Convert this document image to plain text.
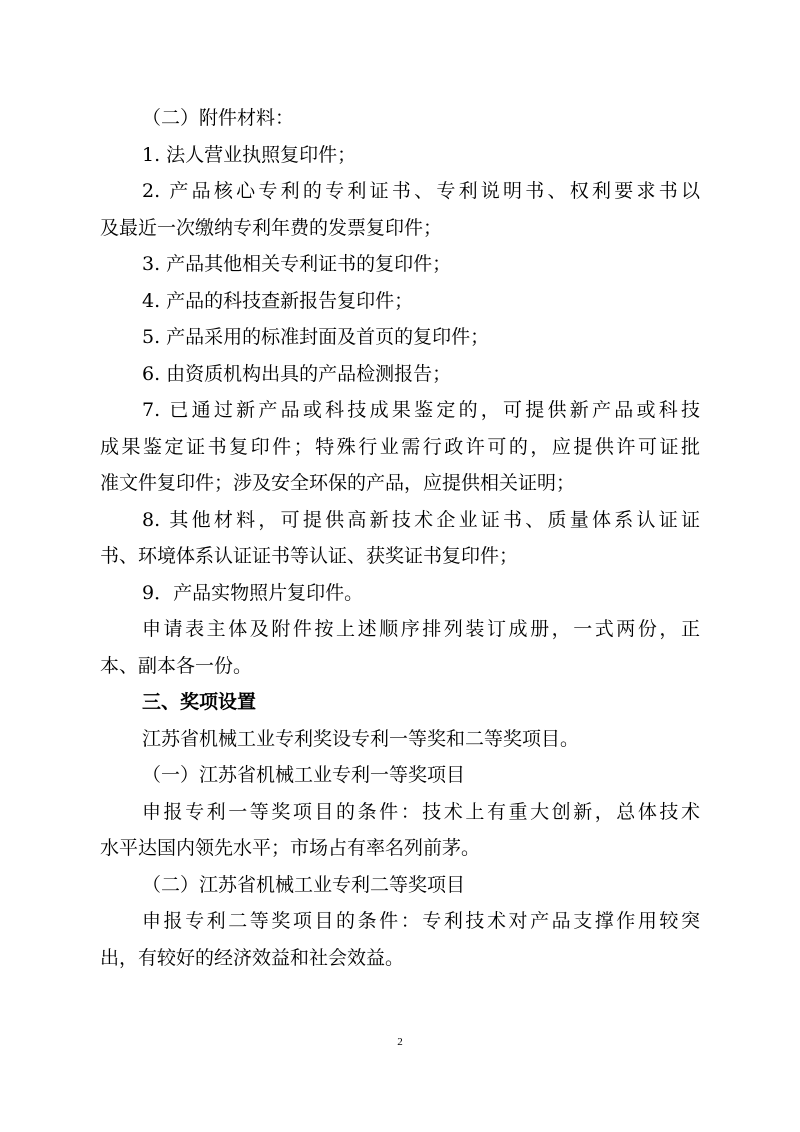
（二）附件材料：
1. 法人营业执照复印件；
2. 产品核心专利的专利证书、专利说明书、权利要求书以
及最近一次缴纳专利年费的发票复印件；
3. 产品其他相关专利证书的复印件；
4. 产品的科技查新报告复印件；
5. 产品采用的标准封面及首页的复印件；
6. 由资质机构出具的产品检测报告；
7. 已通过新产品或科技成果鉴定的，可提供新产品或科技
成果鉴定证书复印件；特殊行业需行政许可的，应提供许可证批
准文件复印件；涉及安全环保的产品，应提供相关证明；
8. 其他材料，可提供高新技术企业证书、质量体系认证证
书、环境体系认证证书等认证、获奖证书复印件；
9．产品实物照片复印件。
申请表主体及附件按上述顺序排列装订成册，一式两份，正
本、副本各一份。
三、奖项设置
江苏省机械工业专利奖设专利一等奖和二等奖项目。
（一）江苏省机械工业专利一等奖项目
申报专利一等奖项目的条件：技术上有重大创新，总体技术
水平达国内领先水平；市场占有率名列前茅。
（二）江苏省机械工业专利二等奖项目
申报专利二等奖项目的条件：专利技术对产品支撑作用较突
出，有较好的经济效益和社会效益。
2
